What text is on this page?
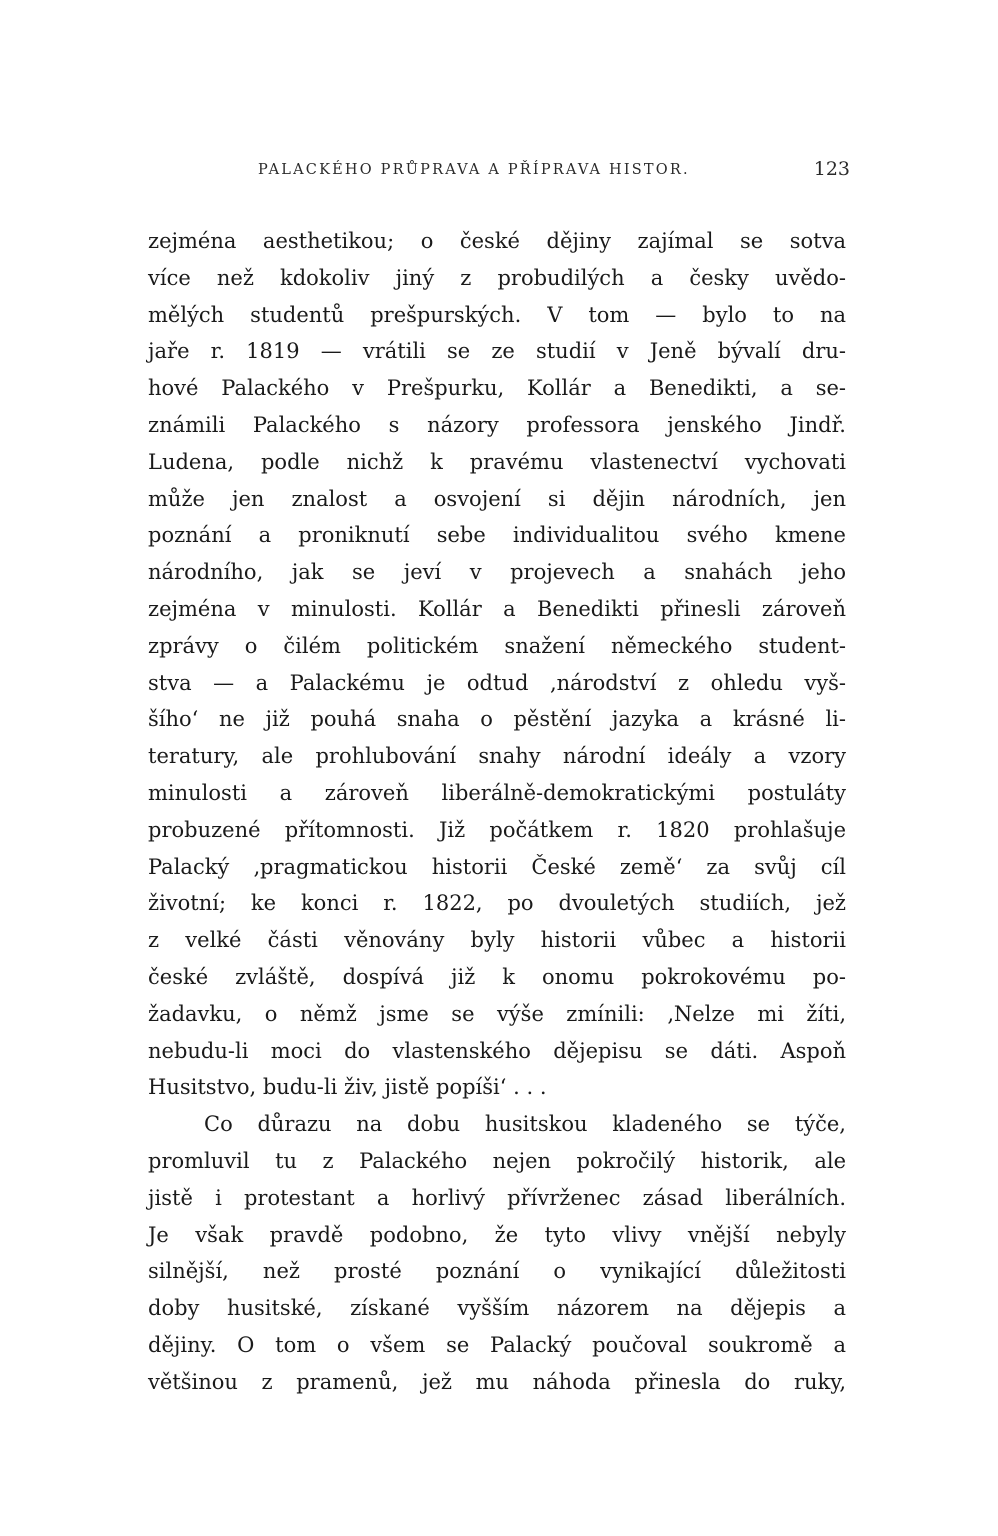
PALACKÉHO PRŮPRAVA A PŘÍPRAVA HISTOR.	123
zejména aesthetikou; o české dějiny zajímal se sotva
více než kdokoliv jiný z probudilých a česky uvědo-
mělých studentů prešpurských. V tom — bylo to na
jaře r. 1819 — vrátili se ze studií v Jeně bývalí dru-
hové Palackého v Prešpurku, Kollár a Benedikti, a se-
známili Palackého s názory professora jenského Jindř.
Ludena, podle nichž k pravému vlastenectví vychovati
může jen znalost a osvojení si dějin národních, jen
poznání a proniknutí sebe individualitou svého kmene
národního, jak se jeví v projevech a snahách jeho
zejména v minulosti. Kollár a Benedikti přinesli zároveň
zprávy o čilém politickém snažení německého student-
stva — a Palackému je odtud ‚národství z ohledu vyš-
šího‘ ne již pouhá snaha o pěstění jazyka a krásné li-
teratury, ale prohlubování snahy národní ideály a vzory
minulosti a zároveň liberálně-demokratickými postuláty
probuzené přítomnosti. Již počátkem r. 1820 prohlašuje
Palacký ‚pragmatickou historii České země‘ za svůj cíl
životní; ke konci r. 1822, po dvouletých studiích, jež
z velké části věnovány byly historii vůbec a historii
české zvláště, dospívá již k onomu pokrokovému po-
žadavku, o němž jsme se výše zmínili: ‚Nelze mi žíti,
nebudu-li moci do vlastenského dějepisu se dáti. Aspoň
Husitstvo, budu-li živ, jistě popíši‘ . . .
Co důrazu na dobu husitskou kladeného se týče,
promluvil tu z Palackého nejen pokročilý historik, ale
jistě i protestant a horlivý přívrženec zásad liberálních.
Je však pravdě podobno, že tyto vlivy vnější nebyly
silnější, než prosté poznání o vynikající důležitosti
doby husitské, získané vyšším názorem na dějepis a
dějiny. O tom o všem se Palacký poučoval soukromě a
většinou z pramenů, jež mu náhoda přinesla do ruky,
